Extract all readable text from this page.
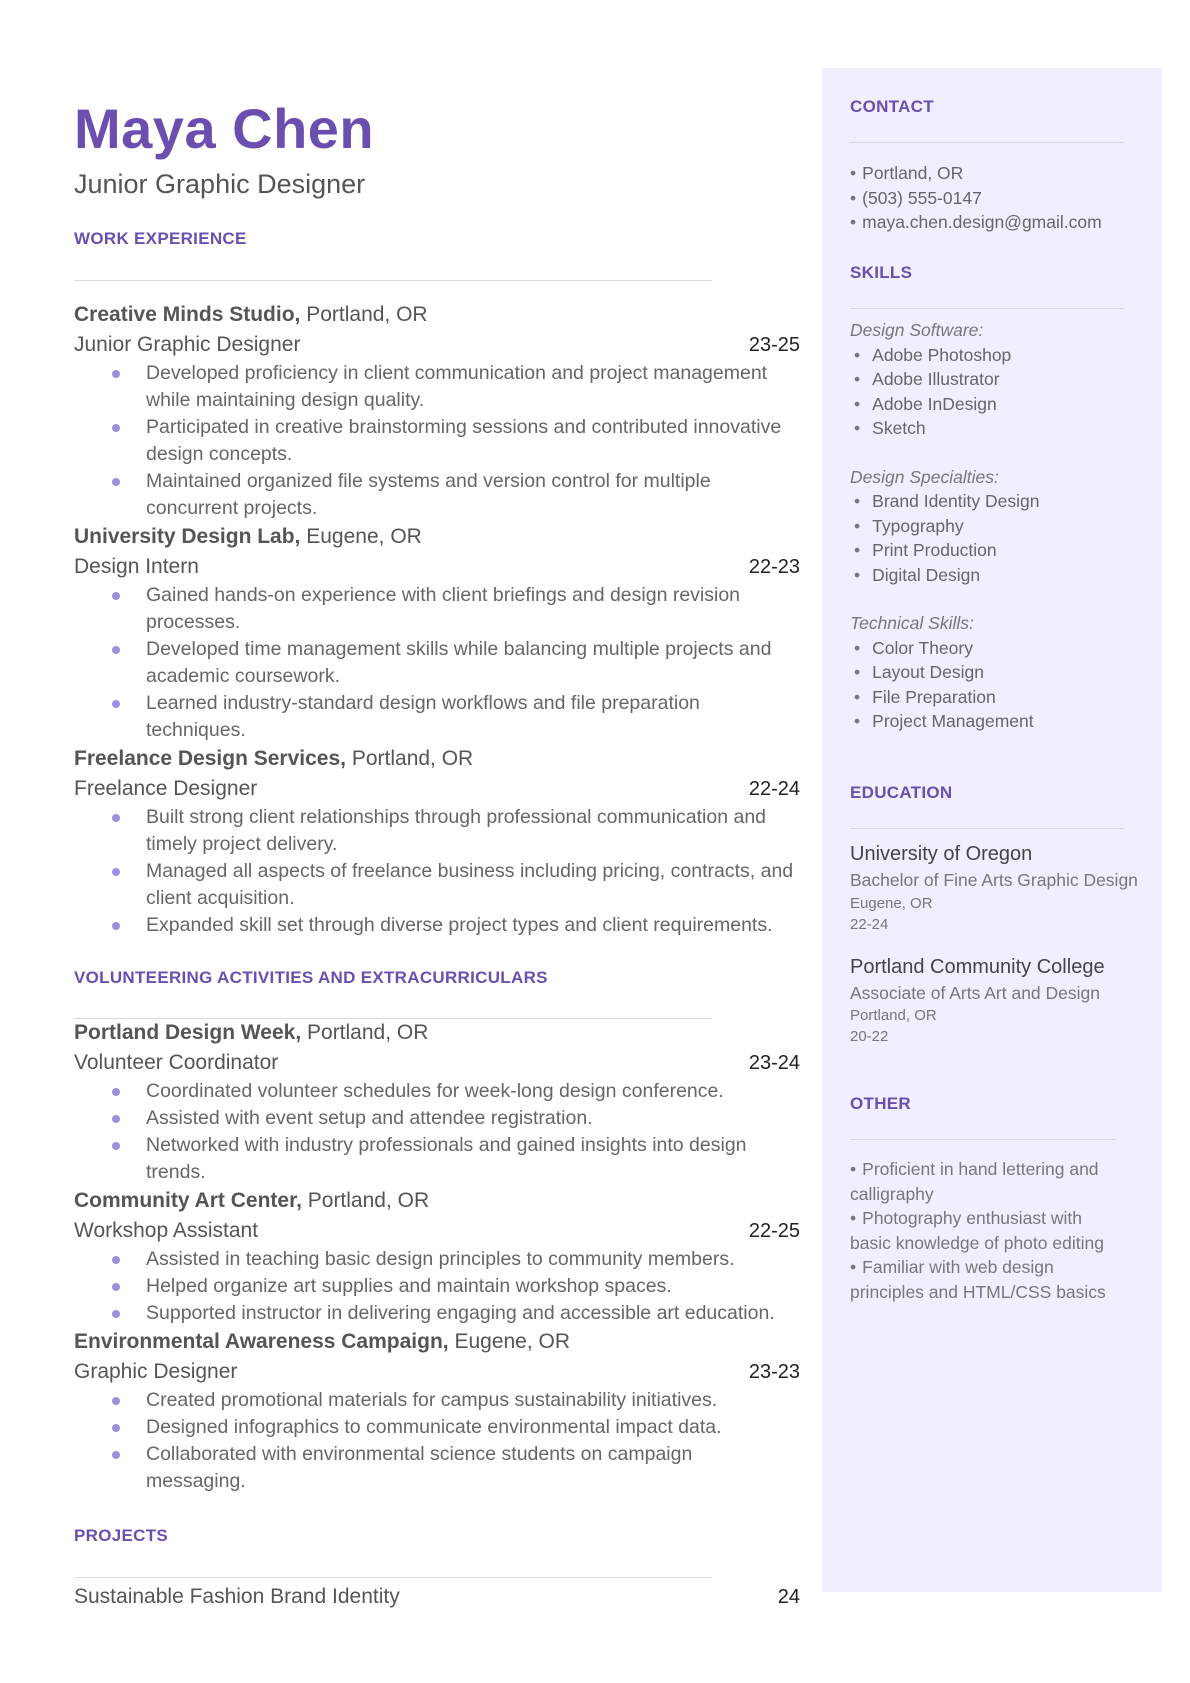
Maya Chen
Junior Graphic Designer
WORK EXPERIENCE
Creative Minds Studio, Portland, OR
Junior Graphic Designer	23-25
Developed proficiency in client communication and project management while maintaining design quality.
Participated in creative brainstorming sessions and contributed innovative design concepts.
Maintained organized file systems and version control for multiple concurrent projects.
University Design Lab, Eugene, OR
Design Intern	22-23
Gained hands-on experience with client briefings and design revision processes.
Developed time management skills while balancing multiple projects and academic coursework.
Learned industry-standard design workflows and file preparation techniques.
Freelance Design Services, Portland, OR
Freelance Designer	22-24
Built strong client relationships through professional communication and timely project delivery.
Managed all aspects of freelance business including pricing, contracts, and client acquisition.
Expanded skill set through diverse project types and client requirements.
VOLUNTEERING ACTIVITIES AND EXTRACURRICULARS
Portland Design Week, Portland, OR
Volunteer Coordinator	23-24
Coordinated volunteer schedules for week-long design conference.
Assisted with event setup and attendee registration.
Networked with industry professionals and gained insights into design trends.
Community Art Center, Portland, OR
Workshop Assistant	22-25
Assisted in teaching basic design principles to community members.
Helped organize art supplies and maintain workshop spaces.
Supported instructor in delivering engaging and accessible art education.
Environmental Awareness Campaign, Eugene, OR
Graphic Designer	23-23
Created promotional materials for campus sustainability initiatives.
Designed infographics to communicate environmental impact data.
Collaborated with environmental science students on campaign messaging.
PROJECTS
Sustainable Fashion Brand Identity	24
CONTACT
• Portland, OR
• (503) 555-0147
• maya.chen.design@gmail.com
SKILLS
Design Software:
• Adobe Photoshop
• Adobe Illustrator
• Adobe InDesign
• Sketch
Design Specialties:
• Brand Identity Design
• Typography
• Print Production
• Digital Design
Technical Skills:
• Color Theory
• Layout Design
• File Preparation
• Project Management
EDUCATION
University of Oregon
Bachelor of Fine Arts Graphic Design
Eugene, OR
22-24
Portland Community College
Associate of Arts Art and Design
Portland, OR
20-22
OTHER
• Proficient in hand lettering and calligraphy
• Photography enthusiast with basic knowledge of photo editing
• Familiar with web design principles and HTML/CSS basics
